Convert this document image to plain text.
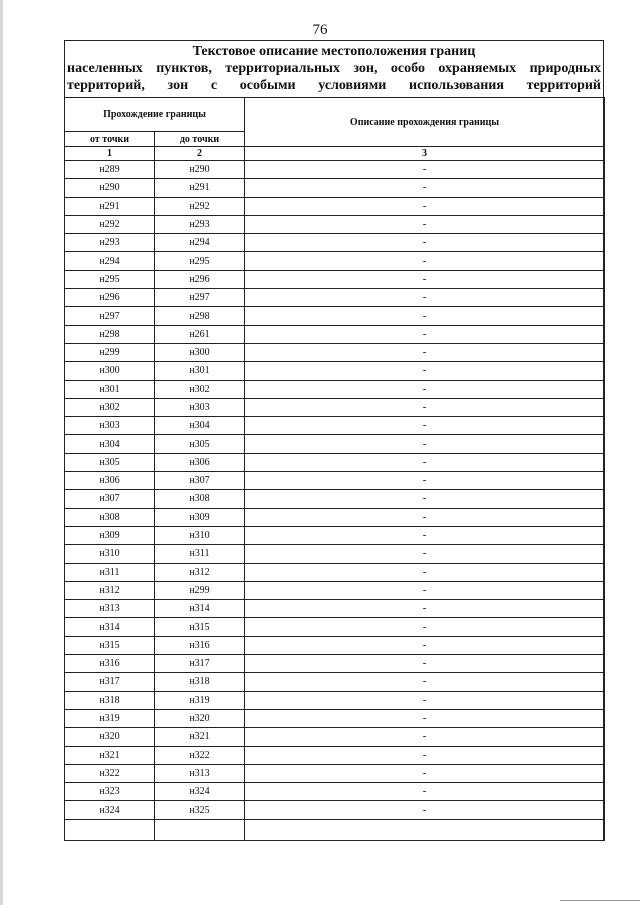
76
Текстовое описание местоположения границ
населенных пунктов, территориальных зон, особо охраняемых природных
территорий, зон с особыми условиями использования территорий
Прохождение границы		Описание прохождения границы
от точки	до точки	
1	2	3
н289	н290	-
н290	н291	-
н291	н292	-
н292	н293	-
н293	н294	-
н294	н295	-
н295	н296	-
н296	н297	-
н297	н298	-
н298	н261	-
н299	н300	-
н300	н301	-
н301	н302	-
н302	н303	-
н303	н304	-
н304	н305	-
н305	н306	-
н306	н307	-
н307	н308	-
н308	н309	-
н309	н310	-
н310	н311	-
н311	н312	-
н312	н299	-
н313	н314	-
н314	н315	-
н315	н316	-
н316	н317	-
н317	н318	-
н318	н319	-
н319	н320	-
н320	н321	-
н321	н322	-
н322	н313	-
н323	н324	-
н324	н325	-
